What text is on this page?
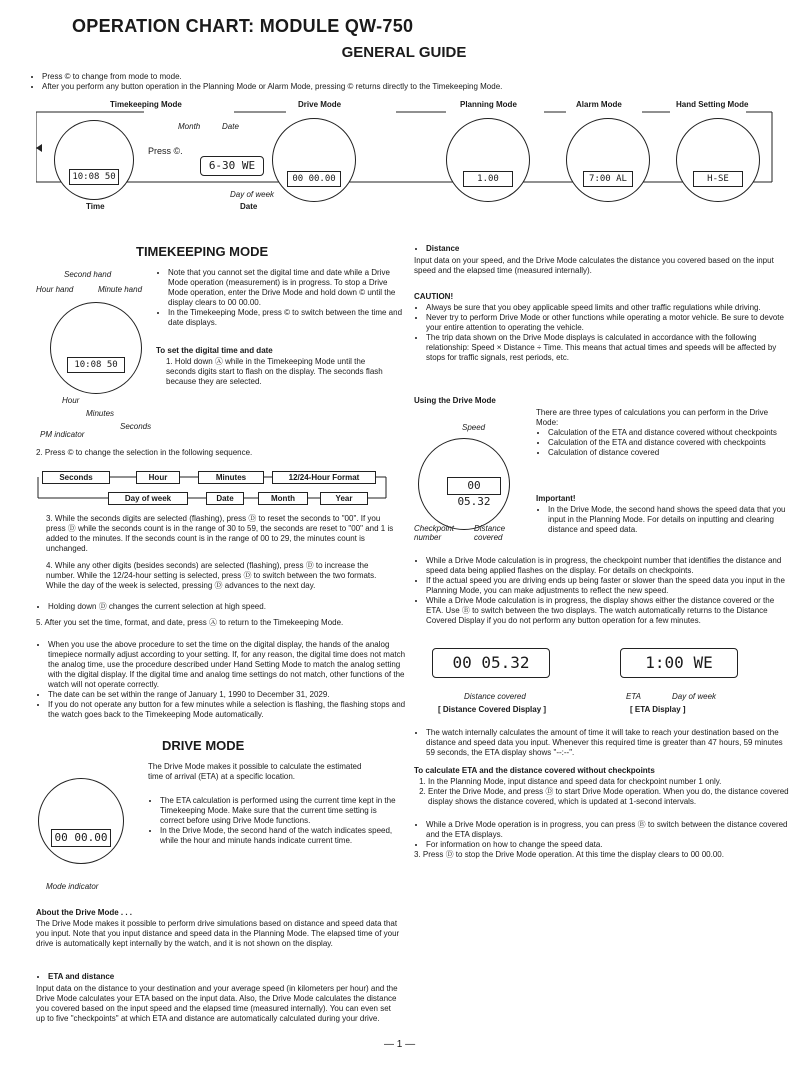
OPERATION CHART: MODULE QW-750
GENERAL GUIDE
• Press © to change from mode to mode.
• After you perform any button operation in the Planning Mode or Alarm Mode, pressing © returns directly to the Timekeeping Mode.
Timekeeping Mode	Drive Mode	Planning Mode	Alarm Mode	Hand Setting Mode
10:08 50
Month	Date
Press ©.
6-30 WE
Day of week
Date
Time
00 00.00	1.00	7:00 AL	H-SE
TIMEKEEPING MODE
Second hand
Hour hand	Minute hand
10:08 50
Hour
Minutes
Seconds
PM indicator
• Note that you cannot set the digital time and date while a Drive Mode operation (measurement) is in progress. To stop a Drive Mode operation, enter the Drive Mode and hold down © until the display clears to 00 00.00.
• In the Timekeeping Mode, press © to switch between the time and date displays.
To set the digital time and date
1. Hold down Ⓐ while in the Timekeeping Mode until the seconds digits start to flash on the display. The seconds flash because they are selected.
2. Press © to change the selection in the following sequence.
Seconds	Hour	Minutes	12/24-Hour Format
Day of week	Date	Month	Year
3. While the seconds digits are selected (flashing), press Ⓓ to reset the seconds to "00". If you press Ⓓ while the seconds count is in the range of 30 to 59, the seconds are reset to "00" and 1 is added to the minutes. If the seconds count is in the range of 00 to 29, the minutes count is unchanged.
4. While any other digits (besides seconds) are selected (flashing), press Ⓓ to increase the number. While the 12/24-hour setting is selected, press Ⓓ to switch between the two formats. While the day of the week is selected, pressing Ⓓ advances to the next day.
• Holding down Ⓓ changes the current selection at high speed.
5. After you set the time, format, and date, press Ⓐ to return to the Timekeeping Mode.
• When you use the above procedure to set the time on the digital display, the hands of the analog timepiece normally adjust according to your setting. If, for any reason, the digital time does not match the analog time, use the procedure described under Hand Setting Mode to match the analog setting with the digital display. If the digital time and analog time settings do not match, other functions of the watch will not operate correctly.
• The date can be set within the range of January 1, 1990 to December 31, 2029.
• If you do not operate any button for a few minutes while a selection is flashing, the flashing stops and the watch goes back to the Timekeeping Mode automatically.
DRIVE MODE
The Drive Mode makes it possible to calculate the estimated time of arrival (ETA) at a specific location.
00 00.00
Mode indicator
• The ETA calculation is performed using the current time kept in the Timekeeping Mode. Make sure that the current time setting is correct before using Drive Mode functions.
• In the Drive Mode, the second hand of the watch indicates speed, while the hour and minute hands indicate current time.
About the Drive Mode . . .
The Drive Mode makes it possible to perform drive simulations based on distance and speed data that you input. Note that you input distance and speed data in the Planning Mode. The elapsed time of your drive is automatically kept internally by the watch, and it is not shown on the display.
• ETA and distance
Input data on the distance to your destination and your average speed (in kilometers per hour) and the Drive Mode calculates your ETA based on the input data. Also, the Drive Mode calculates the distance you covered based on the input speed and the elapsed time (measured internally). You can even set up to five "checkpoints" at which ETA and distance are automatically calculated during your drive.
• Distance
Input data on your speed, and the Drive Mode calculates the distance you covered based on the input speed and the elapsed time (measured internally).
CAUTION!
• Always be sure that you obey applicable speed limits and other traffic regulations while driving.
• Never try to perform Drive Mode or other functions while operating a motor vehicle. Be sure to devote your entire attention to operating the vehicle.
• The trip data shown on the Drive Mode displays is calculated in accordance with the following relationship: Speed × Distance ÷ Time. This means that actual times and speeds will be affected by stops for traffic signals, rest periods, etc.
Using the Drive Mode
Speed
00 05.32
Checkpoint number
Distance covered
There are three types of calculations you can perform in the Drive Mode:
• Calculation of the ETA and distance covered without checkpoints
• Calculation of the ETA and distance covered with checkpoints
• Calculation of distance covered
Important!
• In the Drive Mode, the second hand shows the speed data that you input in the Planning Mode. For details on inputting and clearing distance and speed data.
• While a Drive Mode calculation is in progress, the checkpoint number that identifies the distance and speed data being applied flashes on the display. For details on checkpoints.
• If the actual speed you are driving ends up being faster or slower than the speed data you input in the Planning Mode, you can make adjustments to reflect the new speed.
• While a Drive Mode calculation is in progress, the display shows either the distance covered or the ETA. Use Ⓑ to switch between the two displays. The watch automatically returns to the Distance Covered Display if you do not perform any button operation for a few minutes.
00 05.32	1:00 WE
Distance covered
[ Distance Covered Display ]
ETA	Day of week
[ ETA Display ]
• The watch internally calculates the amount of time it will take to reach your destination based on the distance and speed data you input. Whenever this required time is greater than 47 hours, 59 minutes 59 seconds, the ETA display shows "--:--".
To calculate ETA and the distance covered without checkpoints
1. In the Planning Mode, input distance and speed data for checkpoint number 1 only.
2. Enter the Drive Mode, and press Ⓓ to start Drive Mode operation. When you do, the distance covered display shows the distance covered, which is updated at 1-second intervals.
• While a Drive Mode operation is in progress, you can press Ⓑ to switch between the distance covered and the ETA displays.
• For information on how to change the speed data.
3. Press Ⓓ to stop the Drive Mode operation. At this time the display clears to 00 00.00.
— 1 —
